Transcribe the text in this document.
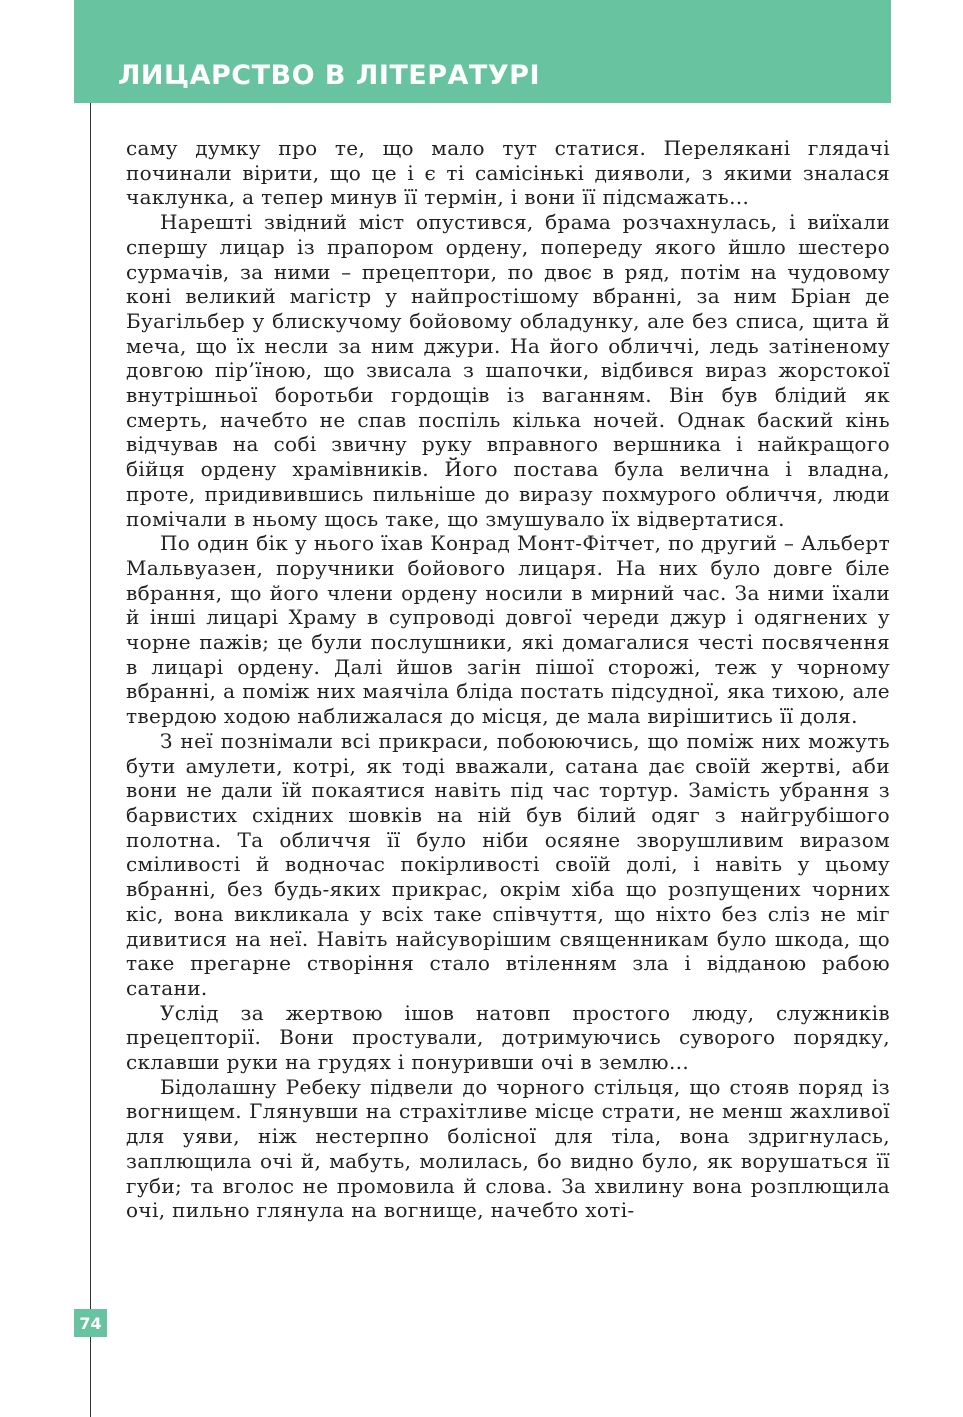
ЛИЦАРСТВО В ЛІТЕРАТУРІ

саму думку про те, що мало тут статися. Перелякані глядачі починали вірити, що це і є ті самісінькі дияволи, з якими зналася чаклунка, а тепер минув її термін, і вони її підсмажать…

Нарешті звідний міст опустився, брама розчахнулась, і виїхали спершу лицар із прапором ордену, попереду якого йшло шестеро сурмачів, за ними – прецептори, по двоє в ряд, потім на чудовому коні великий магістр у найпростішому вбранні, за ним Бріан де Буагільбер у блискучому бойовому обладунку, але без списа, щита й меча, що їх несли за ним джури. На його обличчі, ледь затіненому довгою пір’їною, що звисала з шапочки, відбився вираз жорстокої внутрішньої боротьби гордощів із ваганням. Він був блідий як смерть, начебто не спав поспіль кілька ночей. Однак баский кінь відчував на собі звичну руку вправного вершника і найкращого бійця ордену храмівників. Його постава була велична і владна, проте, придивившись пильніше до виразу похмурого обличчя, люди помічали в ньому щось таке, що змушувало їх відвертатися.

По один бік у нього їхав Конрад Монт-Фітчет, по другий – Альберт Мальвуазен, поручники бойового лицаря. На них було довге біле вбрання, що його члени ордену носили в мирний час. За ними їхали й інші лицарі Храму в супроводі довгої череди джур і одягнених у чорне пажів; це були послушники, які домагалися честі посвячення в лицарі ордену. Далі йшов загін пішої сторожі, теж у чорному вбранні, а поміж них маячіла бліда постать підсудної, яка тихою, але твердою ходою наближалася до місця, де мала вирішитись її доля.

З неї познімали всі прикраси, побоюючись, що поміж них можуть бути амулети, котрі, як тоді вважали, сатана дає своїй жертві, аби вони не дали їй покаятися навіть під час тортур. Замість убрання з барвистих східних шовків на ній був білий одяг з найгрубішого полотна. Та обличчя її було ніби осяяне зворушливим виразом сміливості й водночас покірливості своїй долі, і навіть у цьому вбранні, без будь-яких прикрас, окрім хіба що розпущених чорних кіс, вона викликала у всіх таке співчуття, що ніхто без сліз не міг дивитися на неї. Навіть найсуворішим священникам було шкода, що таке прегарне створіння стало втіленням зла і відданою рабою сатани.

Услід за жертвою ішов натовп простого люду, служників прецепторії. Вони простували, дотримуючись суворого порядку, склавши руки на грудях і понуривши очі в землю…

Бідолашну Ребеку підвели до чорного стільця, що стояв поряд із вогнищем. Глянувши на страхітливе місце страти, не менш жахливої для уяви, ніж нестерпно болісної для тіла, вона здригнулась, заплющила очі й, мабуть, молилась, бо видно було, як ворушаться її губи; та вголос не промовила й слова. За хвилину вона розплющила очі, пильно глянула на вогнище, начебто хоті-

74
